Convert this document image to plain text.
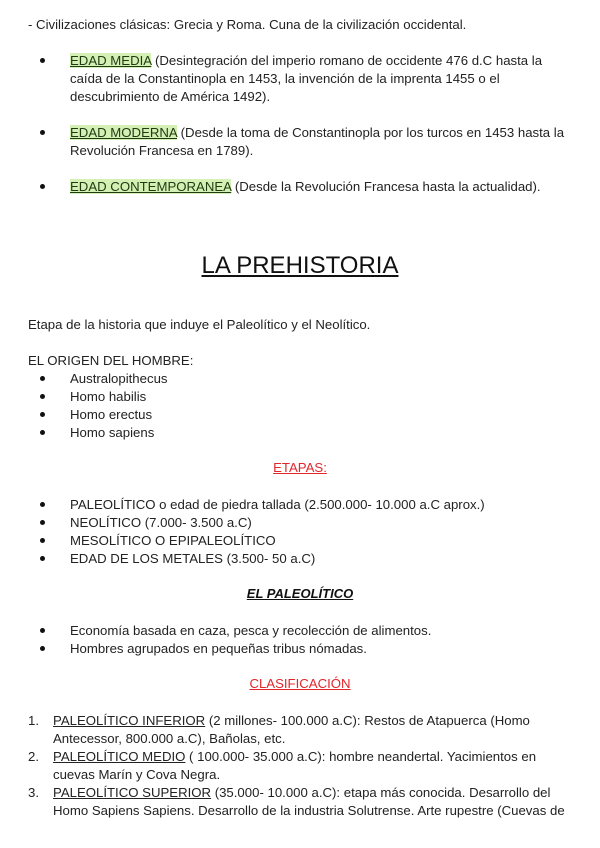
- Civilizaciones clásicas: Grecia y Roma. Cuna de la civilización occidental.
EDAD MEDIA (Desintegración del imperio romano de occidente 476 d.C hasta la
caída de la Constantinopla en 1453, la invención de la imprenta 1455 o el
descubrimiento de América 1492).
EDAD MODERNA (Desde la toma de Constantinopla por los turcos en 1453 hasta la
Revolución Francesa en 1789).
EDAD CONTEMPORANEA (Desde la Revolución Francesa hasta la actualidad).
LA PREHISTORIA
Etapa de la historia que induye el Paleolítico y el Neolítico.
EL ORIGEN DEL HOMBRE:
Australopithecus
Homo habilis
Homo erectus
Homo sapiens
ETAPAS:
PALEOLÍTICO o edad de piedra tallada (2.500.000- 10.000 a.C aprox.)
NEOLÍTICO (7.000- 3.500 a.C)
MESOLÍTICO O EPIPALEOLÍTICO
EDAD DE LOS METALES (3.500- 50 a.C)
EL PALEOLÍTICO
Economía basada en caza, pesca y recolección de alimentos.
Hombres agrupados en pequeñas tribus nómadas.
CLASIFICACIÓN
1. PALEOLÍTICO INFERIOR (2 millones- 100.000 a.C): Restos de Atapuerca (Homo
Antecessor, 800.000 a.C), Bañolas, etc.
2. PALEOLÍTICO MEDIO ( 100.000- 35.000 a.C): hombre neandertal. Yacimientos en
cuevas Marín y Cova Negra.
3. PALEOLÍTICO SUPERIOR (35.000- 10.000 a.C): etapa más conocida. Desarrollo del
Homo Sapiens Sapiens. Desarrollo de la industria Solutrense. Arte rupestre (Cuevas de
